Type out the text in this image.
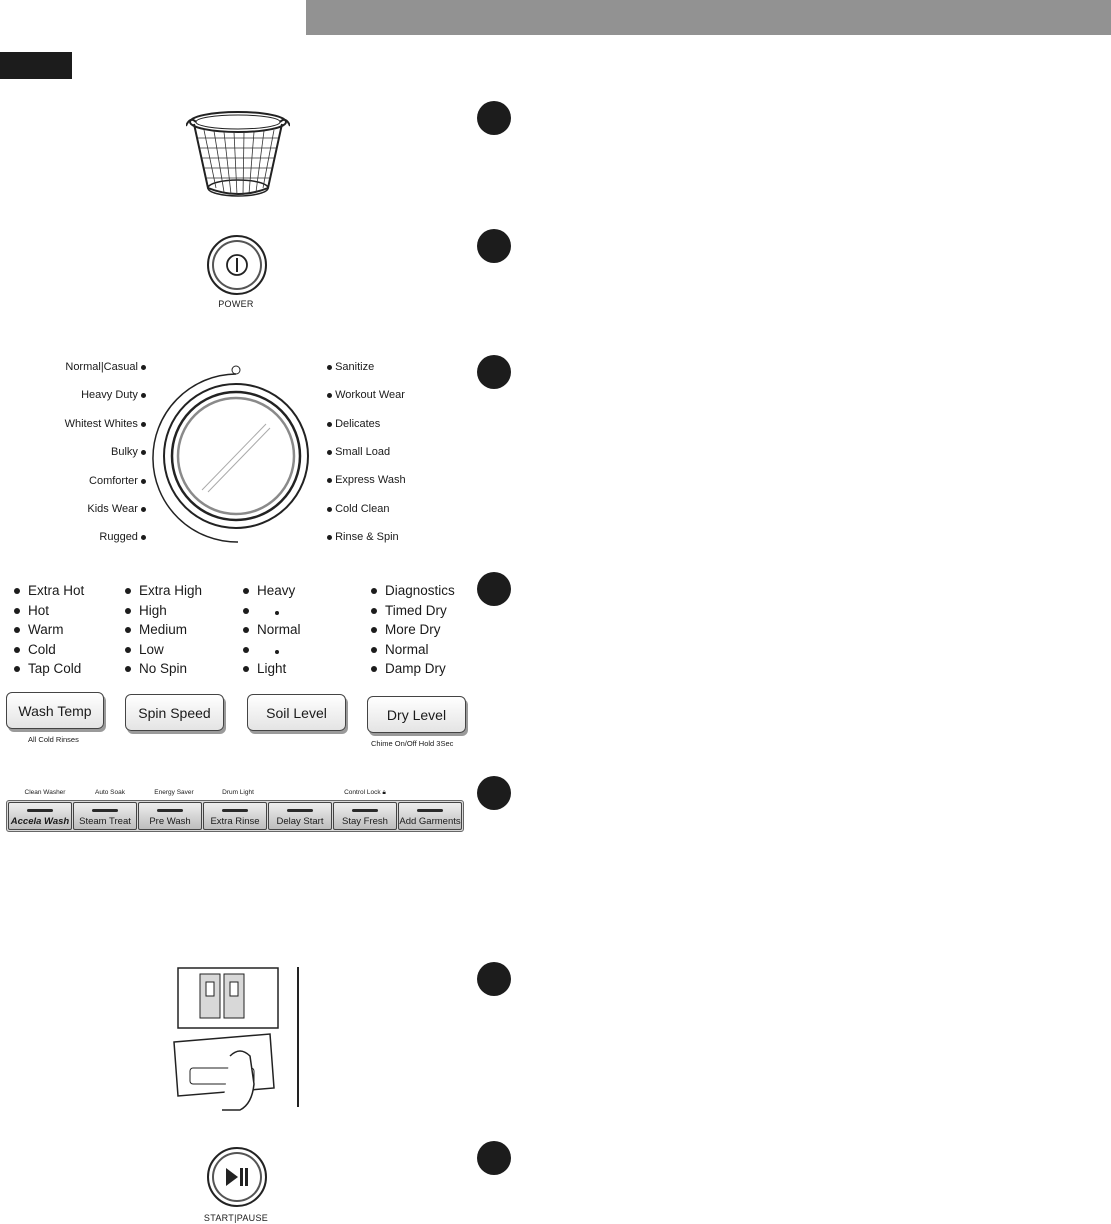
POWER
Normal|Casual
Heavy Duty
Whitest Whites
Bulky
Comforter
Kids Wear
Rugged
Sanitize
Workout Wear
Delicates
Small Load
Express Wash
Cold Clean
Rinse & Spin
Extra Hot
Hot
Warm
Cold
Tap Cold
Extra High
High
Medium
Low
No Spin
Heavy
Normal
Light
Diagnostics
Timed Dry
More Dry
Normal
Damp Dry
Wash Temp	Spin Speed	Soil Level	Dry Level
All Cold Rinses	Chime On/Off Hold 3Sec
Clean Washer	Auto Soak	Energy Saver	Drum Light	Control Lock 🔒︎
Accela Wash Steam Treat Pre Wash Extra Rinse Delay Start Stay Fresh Add Garments
START|PAUSE
